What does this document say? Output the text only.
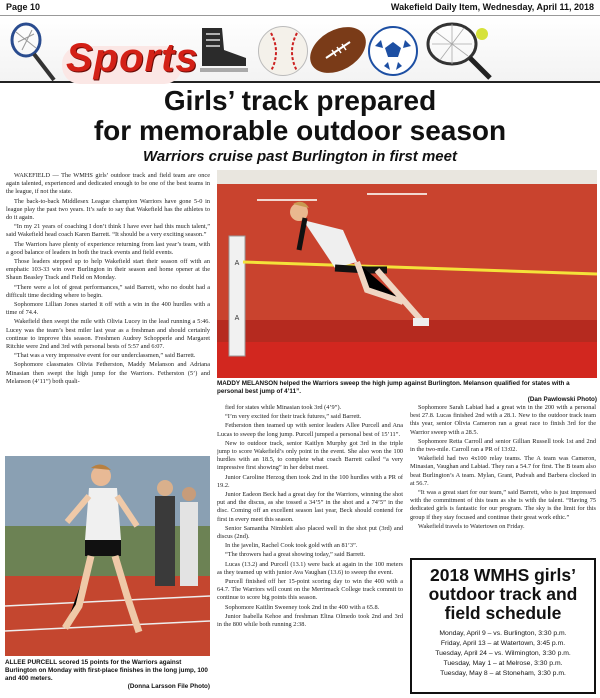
Page 10	Wakefield Daily Item, Wednesday, April 11, 2018
Sports
Girls’ track prepared
for memorable outdoor season
Warriors cruise past Burlington in first meet

WAKEFIELD — The WMHS girls’ outdoor track and field team are once again talented, experienced and dedicated enough to be one of the best teams in the league, if not the state.

The back-to-back Middlesex League champion Warriors have gone 5-0 in league play the past two years. It’s safe to say that Wakefield has the athletes to do it again.

“In my 21 years of coaching I don’t think I have ever had this much talent,” said Wakefield head coach Karen Barrett. “It should be a very exciting season.”

The Warriors have plenty of experience returning from last year’s team, with a good balance of leaders in both the track events and field events.

Those leaders stepped up to help Wakefield start their season off with an emphatic 103-33 win over Burlington in their season and home opener at the Shaun Beasley Track and Field on Monday.

“There were a lot of great performances,” said Barrett, who no doubt had a difficult time deciding where to begin.

Sophomore Lillian Jones started it off with a win in the 400 hurdles with a time of 74.4.

Wakefield then swept the mile with Olivia Lucey in the lead running a 5:46. Lucey was the team’s best miler last year as a freshman and should certainly continue to improve this season. Freshmen Audrey Schopperle and Margaret Ritchie were 2nd and 3rd with personal bests of 5:57 and 6:07.

“That was a very impressive event for our underclassmen,” said Barrett.

Sophomore classmates Olivia Fetherston, Maddy Melanson and Adriana Minasian then swept the high jump for the Warriors. Fetherston (5’) and Melanson (4’11”) both quali-

A
A
MADDY MELANSON helped the Warriors sweep the high jump against Burlington. Melanson qualified for states with a personal best jump of 4’11”.
(Dan Pawlowski Photo)

fied for states while Minasian took 3rd (4’9”).

“I’m very excited for their track futures,” said Barrett.

Fetherston then teamed up with senior leaders Allee Purcell and Ana Lucas to sweep the long jump. Purcell jumped a personal best of 15’11”.

New to outdoor track, senior Kaitlyn Murphy got 3rd in the triple jump to score Wakefield’s only point in the event. She also won the 100 hurdles with an 18.5, to complete what coach Barrett called “a very impressive first showing” in her debut meet.

Junior Caroline Herzog then took 2nd in the 100 hurdles with a PR of 19.2.

Junior Eadeon Beck had a great day for the Warriors, winning the shot put and the discus, as she tossed a 34’5” in the shot and a 74’5” in the disc. Coming off an excellent season last year, Beck should contend for first in every meet this season.

Senior Samantha Nimblett also placed well in the shot put (3rd) and discus (2nd).

In the javelin, Rachel Cook took gold with an 81’3”.

“The throwers had a great showing today,” said Barrett.

Lucas (13.2) and Purcell (13.1) were back at again in the 100 meters as they teamed up with junior Ava Vaughan (13.6) to sweep the event.

Purcell finished off her 15-point scoring day to win the 400 with a 64.7. The Warriors will count on the Merrimack College track commit to continue to score big points this season.

Sophomore Kaitlin Sweeney took 2nd in the 400 with a 65.8.

Junior Isabella Kehoe and freshman Elina Olmedo took 2nd and 3rd in the 800 while both running 2:38.

Sophomore Sarah Labiad had a great win in the 200 with a personal best 27.8. Lucas finished 2nd with a 28.1. New to the outdoor track team this year, senior Olivia Cameron ran a great race to finish 3rd for the Warrior sweep with a 28.5.

Sophomore Retta Carroll and senior Gillian Russell took 1st and 2nd in the two-mile. Carroll ran a PR of 13:02.

Wakefield had two 4x100 relay teams. The A team was Cameron, Minasian, Vaughan and Labiad. They ran a 54.7 for first. The B team also beat Burlington’s A team. Mylan, Grant, Pudvah and Barbera clocked in at 56.7.

“It was a great start for our team,” said Barrett, who is just impressed with the commitment of this team as she is with the talent. “Having 75 dedicated girls is fantastic for our program. The sky is the limit for this group if they stay focused and continue their great work ethic.”

Wakefield travels to Watertown on Friday.

ALLEE PURCELL scored 15 points for the Warriors against Burlington on Monday with first-place finishes in the long jump, 100 and 400 meters.
(Donna Larsson File Photo)
2018 WMHS girls’
outdoor track and
field schedule
Monday, April 9 – vs. Burlington, 3:30 p.m.
Friday, April 13 – at Watertown, 3:45 p.m.
Tuesday, April 24 – vs. Wilmington, 3:30 p.m.
Tuesday, May 1 – at Melrose, 3:30 p.m.
Tuesday, May 8 – at Stoneham, 3:30 p.m.
